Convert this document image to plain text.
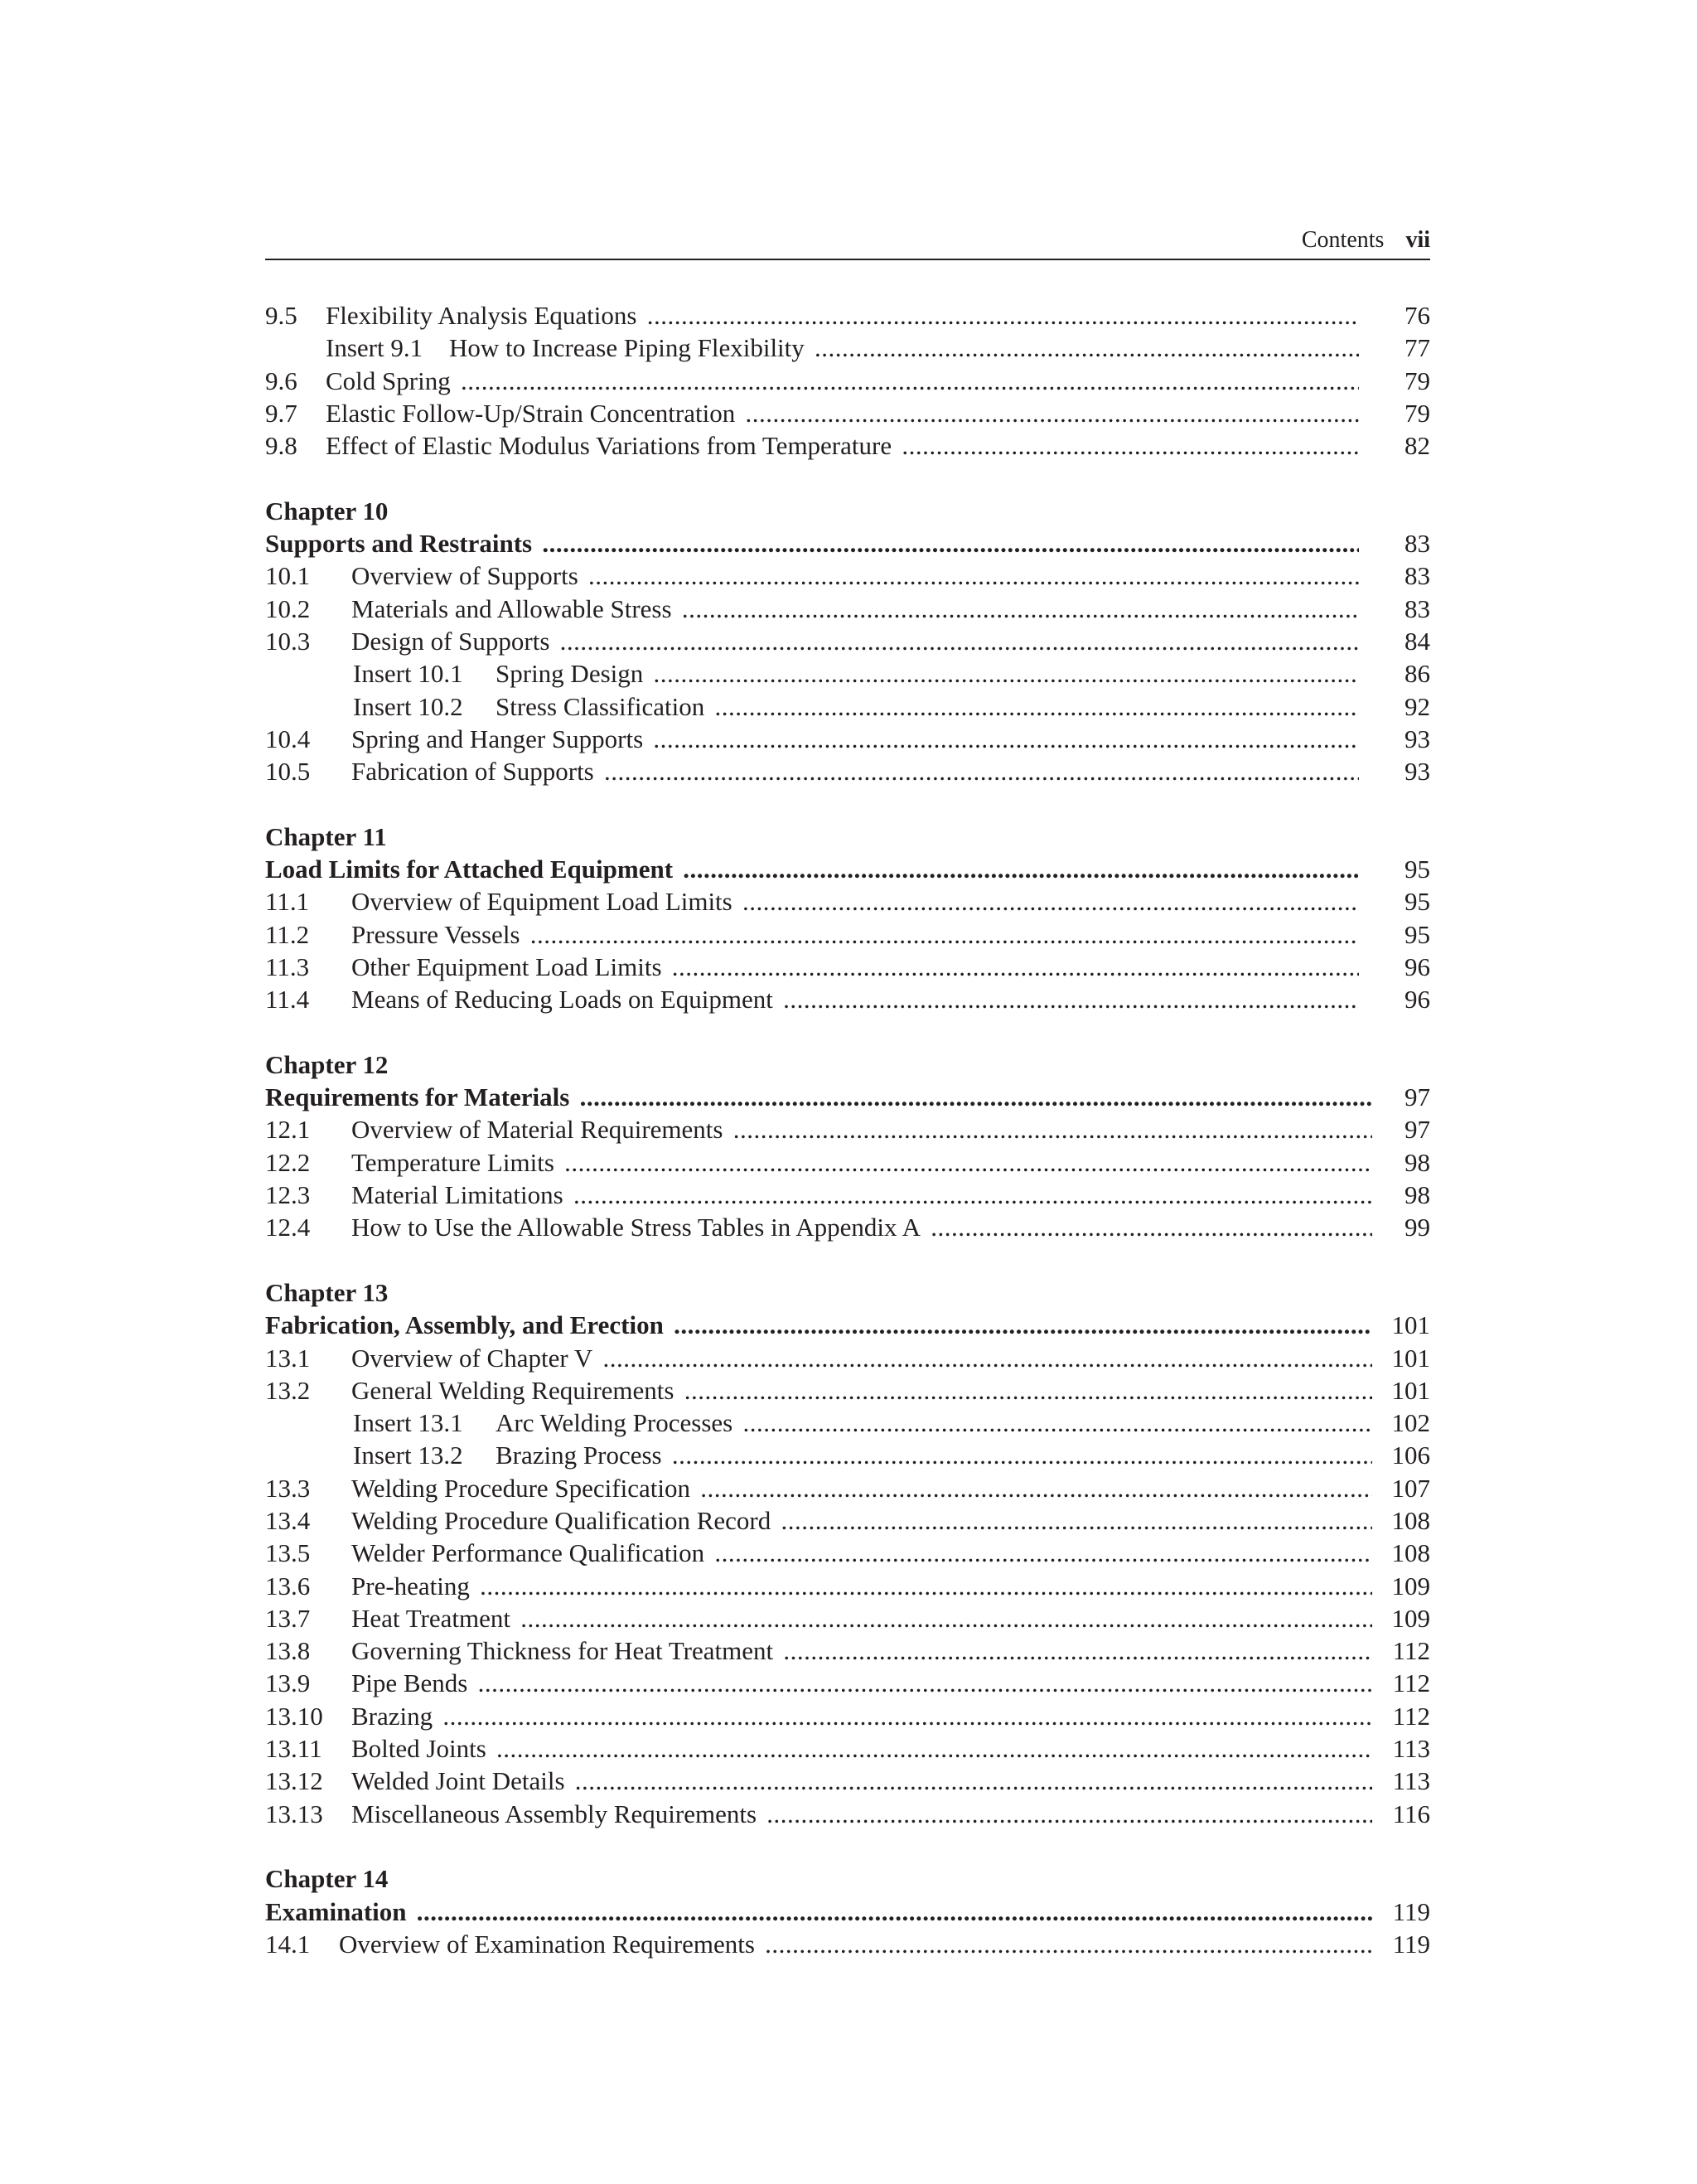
Contents vii
9.5 Flexibility Analysis Equations .....	76
Insert 9.1 How to Increase Piping Flexibility .....	77
9.6 Cold Spring .....	79
9.7 Elastic Follow-Up/Strain Concentration .....	79
9.8 Effect of Elastic Modulus Variations from Temperature .....	82
Chapter 10
Supports and Restraints .....	83
10.1 Overview of Supports .....	83
10.2 Materials and Allowable Stress .....	83
10.3 Design of Supports .....	84
Insert 10.1 Spring Design .....	86
Insert 10.2 Stress Classification .....	92
10.4 Spring and Hanger Supports .....	93
10.5 Fabrication of Supports .....	93
Chapter 11
Load Limits for Attached Equipment .....	95
11.1 Overview of Equipment Load Limits .....	95
11.2 Pressure Vessels .....	95
11.3 Other Equipment Load Limits .....	96
11.4 Means of Reducing Loads on Equipment .....	96
Chapter 12
Requirements for Materials .....	97
12.1 Overview of Material Requirements .....	97
12.2 Temperature Limits .....	98
12.3 Material Limitations .....	98
12.4 How to Use the Allowable Stress Tables in Appendix A .....	99
Chapter 13
Fabrication, Assembly, and Erection .....	101
13.1 Overview of Chapter V .....	101
13.2 General Welding Requirements .....	101
Insert 13.1 Arc Welding Processes .....	102
Insert 13.2 Brazing Process .....	106
13.3 Welding Procedure Specification .....	107
13.4 Welding Procedure Qualification Record .....	108
13.5 Welder Performance Qualification .....	108
13.6 Pre-heating .....	109
13.7 Heat Treatment .....	109
13.8 Governing Thickness for Heat Treatment .....	112
13.9 Pipe Bends .....	112
13.10 Brazing .....	112
13.11 Bolted Joints .....	113
13.12 Welded Joint Details .....	113
13.13 Miscellaneous Assembly Requirements .....	116
Chapter 14
Examination .....	119
14.1 Overview of Examination Requirements .....	119
